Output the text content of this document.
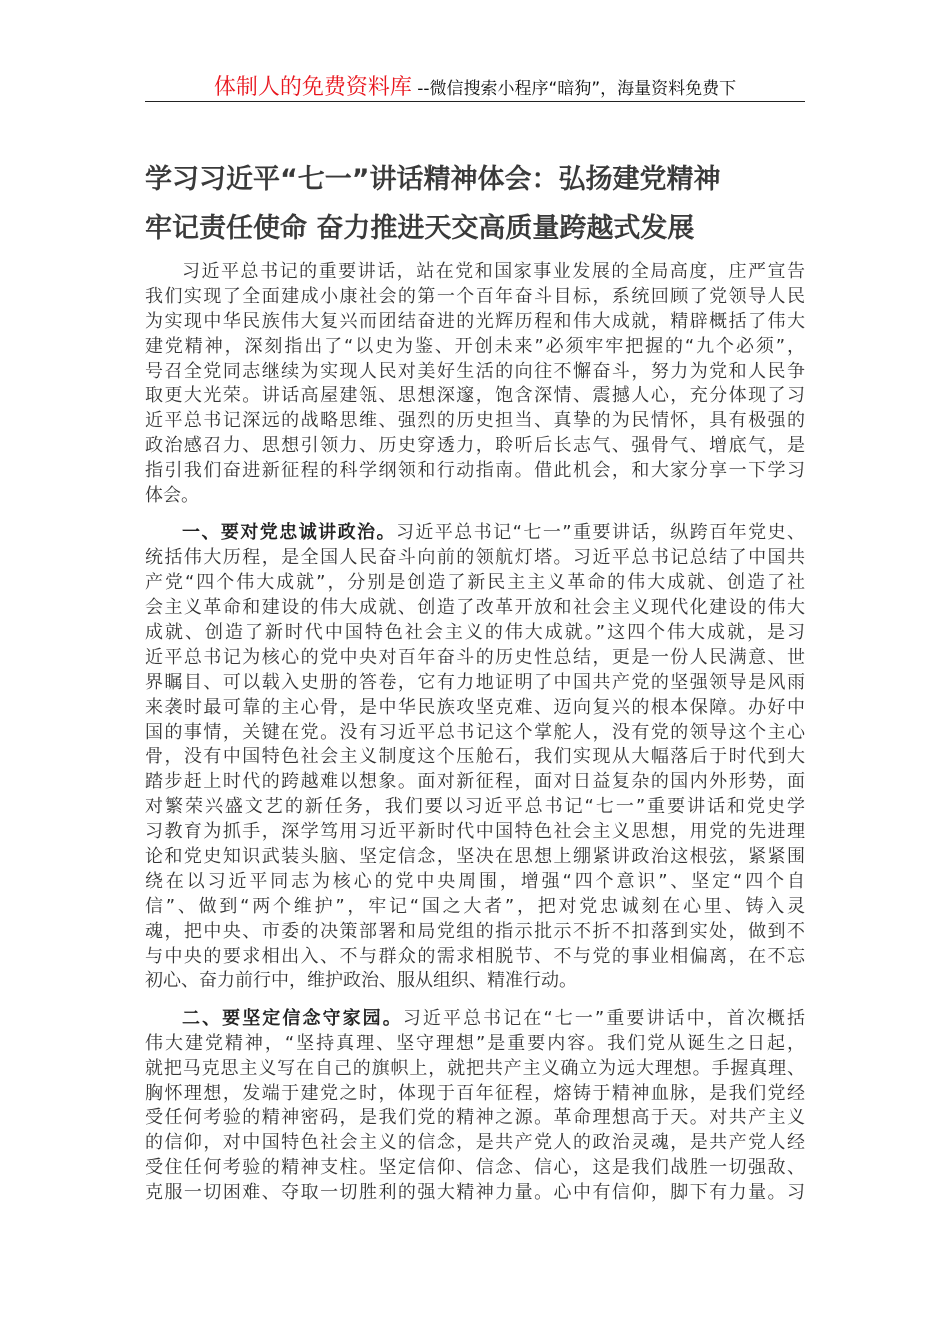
体制人的免费资料库 --微信搜索小程序“暗狗”，海量资料免费下
学习习近平“七一”讲话精神体会：弘扬建党精神
牢记责任使命 奋力推进天交高质量跨越式发展
习近平总书记的重要讲话，站在党和国家事业发展的全局高度，庄严宣告
我们实现了全面建成小康社会的第一个百年奋斗目标，系统回顾了党领导人民
为实现中华民族伟大复兴而团结奋进的光辉历程和伟大成就，精辟概括了伟大
建党精神，深刻指出了“以史为鉴、开创未来”必须牢牢把握的“九个必须”，
号召全党同志继续为实现人民对美好生活的向往不懈奋斗，努力为党和人民争
取更大光荣。讲话高屋建瓴、思想深邃，饱含深情、震撼人心，充分体现了习
近平总书记深远的战略思维、强烈的历史担当、真挚的为民情怀，具有极强的
政治感召力、思想引领力、历史穿透力，聆听后长志气、强骨气、增底气，是
指引我们奋进新征程的科学纲领和行动指南。借此机会，和大家分享一下学习
体会。
一、要对党忠诚讲政治。习近平总书记“七一”重要讲话，纵跨百年党史、
统括伟大历程，是全国人民奋斗向前的领航灯塔。习近平总书记总结了中国共
产党“四个伟大成就”，分别是创造了新民主主义革命的伟大成就、创造了社
会主义革命和建设的伟大成就、创造了改革开放和社会主义现代化建设的伟大
成就、创造了新时代中国特色社会主义的伟大成就。”这四个伟大成就，是习
近平总书记为核心的党中央对百年奋斗的历史性总结，更是一份人民满意、世
界瞩目、可以载入史册的答卷，它有力地证明了中国共产党的坚强领导是风雨
来袭时最可靠的主心骨，是中华民族攻坚克难、迈向复兴的根本保障。办好中
国的事情，关键在党。没有习近平总书记这个掌舵人，没有党的领导这个主心
骨，没有中国特色社会主义制度这个压舱石，我们实现从大幅落后于时代到大
踏步赶上时代的跨越难以想象。面对新征程，面对日益复杂的国内外形势，面
对繁荣兴盛文艺的新任务，我们要以习近平总书记“七一”重要讲话和党史学
习教育为抓手，深学笃用习近平新时代中国特色社会主义思想，用党的先进理
论和党史知识武装头脑、坚定信念，坚决在思想上绷紧讲政治这根弦，紧紧围
绕在以习近平同志为核心的党中央周围，增强“四个意识”、坚定“四个自
信”、做到“两个维护”，牢记“国之大者”，把对党忠诚刻在心里、铸入灵
魂，把中央、市委的决策部署和局党组的指示批示不折不扣落到实处，做到不
与中央的要求相出入、不与群众的需求相脱节、不与党的事业相偏离，在不忘
初心、奋力前行中，维护政治、服从组织、精准行动。
二、要坚定信念守家园。习近平总书记在“七一”重要讲话中，首次概括
伟大建党精神，“坚持真理、坚守理想”是重要内容。我们党从诞生之日起，
就把马克思主义写在自己的旗帜上，就把共产主义确立为远大理想。手握真理、
胸怀理想，发端于建党之时，体现于百年征程，熔铸于精神血脉，是我们党经
受任何考验的精神密码，是我们党的精神之源。革命理想高于天。对共产主义
的信仰，对中国特色社会主义的信念，是共产党人的政治灵魂，是共产党人经
受住任何考验的精神支柱。坚定信仰、信念、信心，这是我们战胜一切强敌、
克服一切困难、夺取一切胜利的强大精神力量。心中有信仰，脚下有力量。习
